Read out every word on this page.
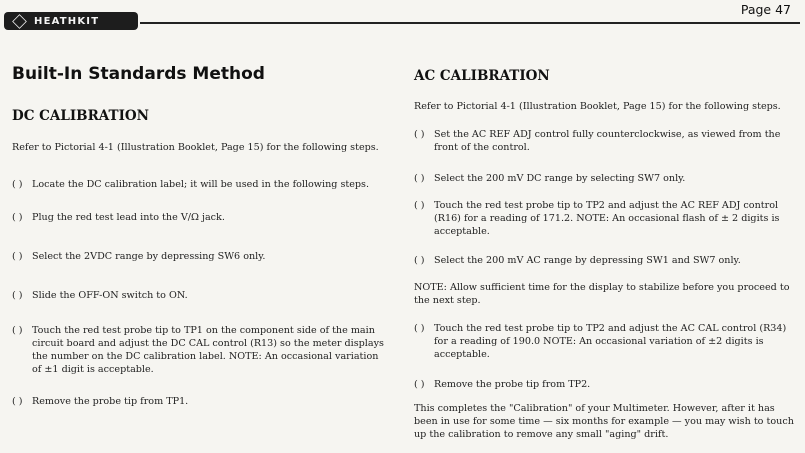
HEATHKIT
Page 47
Built-In Standards Method
DC CALIBRATION
Refer to Pictorial 4-1 (Illustration Booklet, Page 15) for the following steps.
( ) Locate the DC calibration label; it will be used in the following steps.
( ) Plug the red test lead into the V/Ω jack.
( ) Select the 2VDC range by depressing SW6 only.
( ) Slide the OFF-ON switch to ON.
( ) Touch the red test probe tip to TP1 on the component side of the main circuit board and adjust the DC CAL control (R13) so the meter displays the number on the DC calibration label. NOTE: An occasional variation of ±1 digit is acceptable.
( ) Remove the probe tip from TP1.
AC CALIBRATION
Refer to Pictorial 4-1 (Illustration Booklet, Page 15) for the following steps.
( ) Set the AC REF ADJ control fully counterclockwise, as viewed from the front of the control.
( ) Select the 200 mV DC range by selecting SW7 only.
( ) Touch the red test probe tip to TP2 and adjust the AC REF ADJ control (R16) for a reading of 171.2. NOTE: An occasional flash of ± 2 digits is acceptable.
( ) Select the 200 mV AC range by depressing SW1 and SW7 only.
NOTE: Allow sufficient time for the display to stabilize before you proceed to the next step.
( ) Touch the red test probe tip to TP2 and adjust the AC CAL control (R34) for a reading of 190.0 NOTE: An occasional variation of ±2 digits is acceptable.
( ) Remove the probe tip from TP2.
This completes the "Calibration" of your Multimeter. However, after it has been in use for some time — six months for example — you may wish to touch up the calibration to remove any small "aging" drift.
